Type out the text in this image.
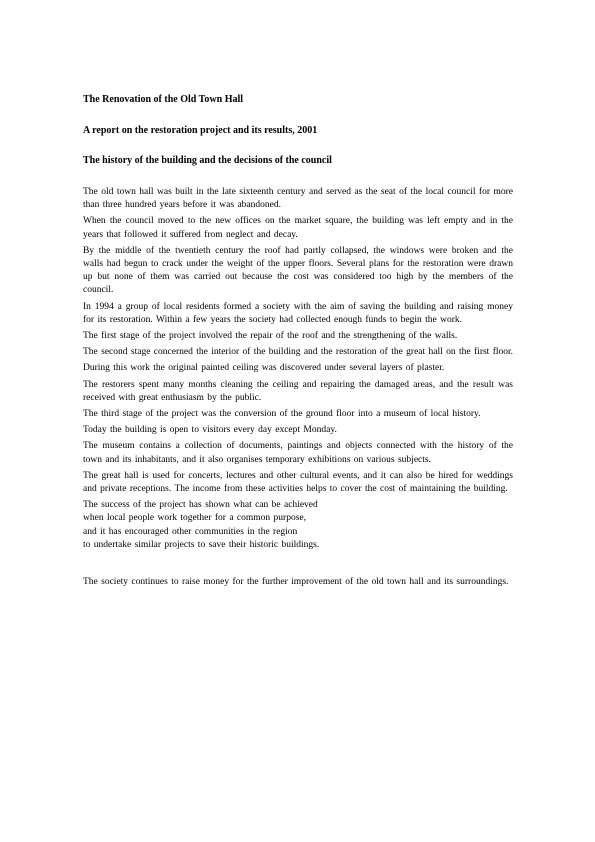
The Renovation of the Old Town Hall

A report on the restoration project and its results, 2001

The history of the building and the decisions of the council

The old town hall was built in the late sixteenth century and served as the seat of the local council for more than three hundred years before it was abandoned.

When the council moved to the new offices on the market square, the building was left empty and in the years that followed it suffered from neglect and decay.

By the middle of the twentieth century the roof had partly collapsed, the windows were broken and the walls had begun to crack under the weight of the upper floors. Several plans for the restoration were drawn up but none of them was carried out because the cost was considered too high by the members of the council.

In 1994 a group of local residents formed a society with the aim of saving the building and raising money for its restoration. Within a few years the society had collected enough funds to begin the work.

The first stage of the project involved the repair of the roof and the strengthening of the walls.

The second stage concerned the interior of the building and the restoration of the great hall on the first floor.

During this work the original painted ceiling was discovered under several layers of plaster.

The restorers spent many months cleaning the ceiling and repairing the damaged areas, and the result was received with great enthusiasm by the public.

The third stage of the project was the conversion of the ground floor into a museum of local history.

Today the building is open to visitors every day except Monday.

The museum contains a collection of documents, paintings and objects connected with the history of the town and its inhabitants, and it also organises temporary exhibitions on various subjects.

The great hall is used for concerts, lectures and other cultural events, and it can also be hired for weddings and private receptions. The income from these activities helps to cover the cost of maintaining the building.

The success of the project has shown what can be achieved

when local people work together for a common purpose,

and it has encouraged other communities in the region

to undertake similar projects to save their historic buildings.

The society continues to raise money for the further improvement of the old town hall and its surroundings.
